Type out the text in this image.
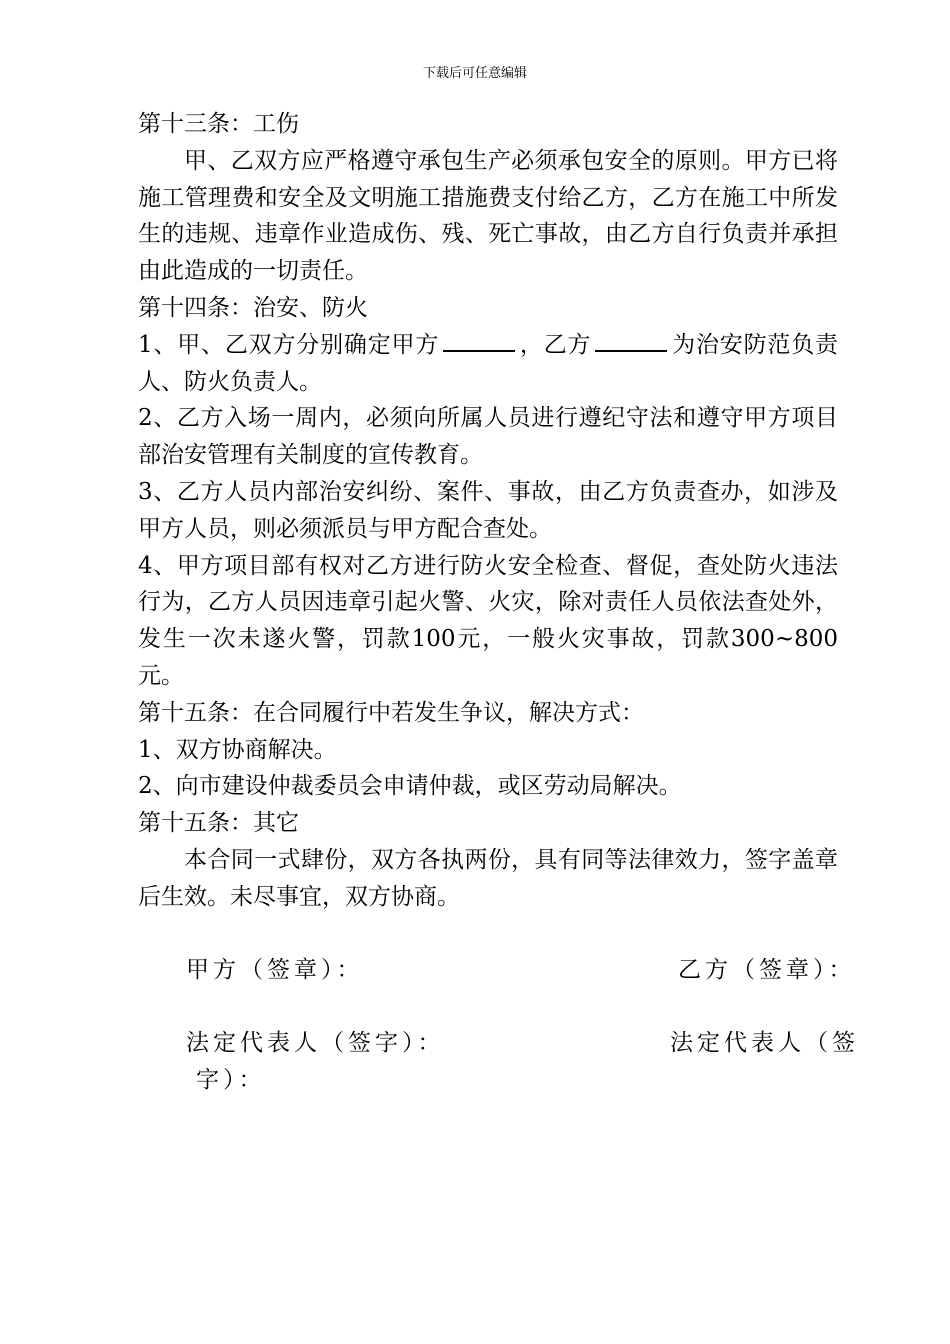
下载后可任意编辑

第十三条：工伤

甲、乙双方应严格遵守承包生产必须承包安全的原则。甲方已将施工管理费和安全及文明施工措施费支付给乙方，乙方在施工中所发生的违规、违章作业造成伤、残、死亡事故，由乙方自行负责并承担由此造成的一切责任。

第十四条：治安、防火

1、甲、乙双方分别确定甲方	，乙方	为治安防范负责人、防火负责人。

2、乙方入场一周内，必须向所属人员进行遵纪守法和遵守甲方项目部治安管理有关制度的宣传教育。

3、乙方人员内部治安纠纷、案件、事故，由乙方负责查办，如涉及甲方人员，则必须派员与甲方配合查处。

4、甲方项目部有权对乙方进行防火安全检查、督促，查处防火违法行为，乙方人员因违章引起火警、火灾，除对责任人员依法查处外，发生一次未遂火警，罚款100元，一般火灾事故，罚款300~800元。

第十五条：在合同履行中若发生争议，解决方式：

1、双方协商解决。

2、向市建设仲裁委员会申请仲裁，或区劳动局解决。

第十五条：其它

本合同一式肆份，双方各执两份，具有同等法律效力，签字盖章后生效。未尽事宜，双方协商。

甲方（签章）：	乙方（签章）：
法定代表人（签字）：	法定代表人（签
字）：
